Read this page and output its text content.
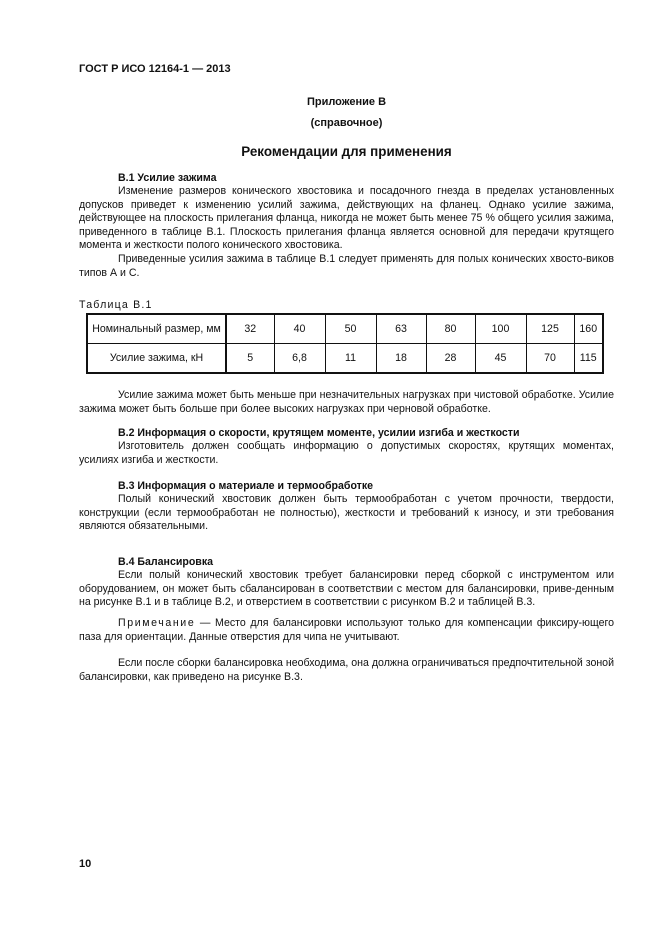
ГОСТ Р ИСО 12164-1 — 2013
Приложение В
(справочное)
Рекомендации для применения
В.1 Усилие зажима

Изменение размеров конического хвостовика и посадочного гнезда в пределах установленных допусков приведет к изменению усилий зажима, действующих на фланец. Однако усилие зажима, действующее на плоскость прилегания фланца, никогда не может быть менее 75 % общего усилия зажима, приведенного в таблице В.1. Плоскость прилегания фланца является основной для передачи крутящего момента и жесткости полого конического хвостовика.

Приведенные усилия зажима в таблице В.1 следует применять для полых конических хвосто-виков типов А и С.

Таблица В.1
Номинальный размер, мм	32	40	50	63	80	100	125	160
Усилие зажима, кН	5	6,8	11	18	28	45	70	115

Усилие зажима может быть меньше при незначительных нагрузках при чистовой обработке. Усилие зажима может быть больше при более высоких нагрузках при черновой обработке.

В.2 Информация о скорости, крутящем моменте, усилии изгиба и жесткости

Изготовитель должен сообщать информацию о допустимых скоростях, крутящих моментах, усилиях изгиба и жесткости.

В.3 Информация о материале и термообработке

Полый конический хвостовик должен быть термообработан с учетом прочности, твердости, конструкции (если термообработан не полностью), жесткости и требований к износу, и эти требования являются обязательными.

В.4 Балансировка

Если полый конический хвостовик требует балансировки перед сборкой с инструментом или оборудованием, он может быть сбалансирован в соответствии с местом для балансировки, приве-денным на рисунке В.1 и в таблице В.2, и отверстием в соответствии с рисунком В.2 и таблицей В.3.

Примечание — Место для балансировки используют только для компенсации фиксиру-ющего паза для ориентации. Данные отверстия для чипа не учитывают.

Если после сборки балансировка необходима, она должна ограничиваться предпочтительной зоной балансировки, как приведено на рисунке В.3.

10
